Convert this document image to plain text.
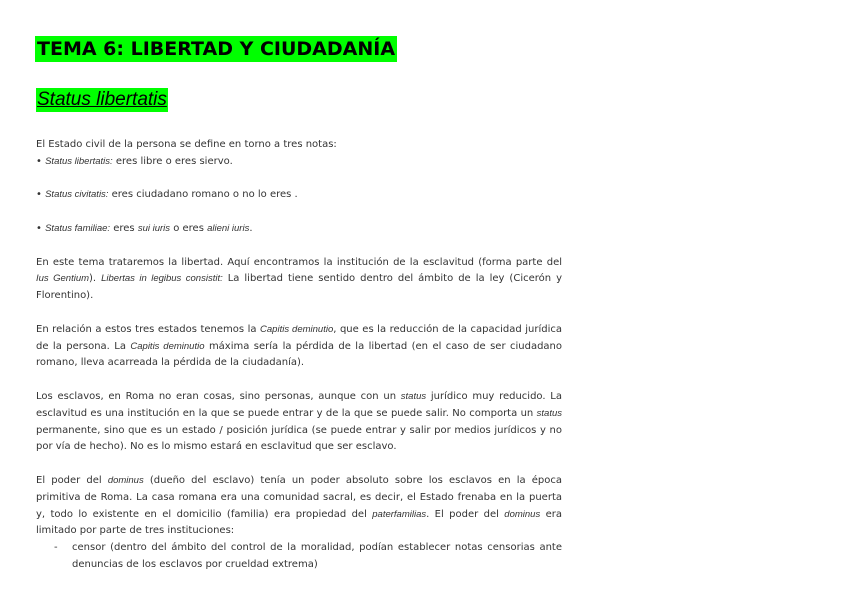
TEMA 6: LIBERTAD Y CIUDADANÍA
Status libertatis

El Estado civil de la persona se define en torno a tres notas:

• Status libertatis: eres libre o eres siervo.

• Status civitatis: eres ciudadano romano o no lo eres .

• Status familiae: eres sui iuris o eres alieni iuris.

En este tema trataremos la libertad. Aquí encontramos la institución de la esclavitud (forma parte del Ius Gentium). Libertas in legibus consistit: La libertad tiene sentido dentro del ámbito de la ley (Cicerón y Florentino).

En relación a estos tres estados tenemos la Capitis deminutio, que es la reducción de la capacidad jurídica de la persona. La Capitis deminutio máxima sería la pérdida de la libertad (en el caso de ser ciudadano romano, lleva acarreada la pérdida de la ciudadanía).

Los esclavos, en Roma no eran cosas, sino personas, aunque con un status jurídico muy reducido. La esclavitud es una institución en la que se puede entrar y de la que se puede salir. No comporta un status permanente, sino que es un estado / posición jurídica (se puede entrar y salir por medios jurídicos y no por vía de hecho). No es lo mismo estará en esclavitud que ser esclavo.

El poder del dominus (dueño del esclavo) tenía un poder absoluto sobre los esclavos en la época primitiva de Roma. La casa romana era una comunidad sacral, es decir, el Estado frenaba en la puerta y, todo lo existente en el domicilio (familia) era propiedad del paterfamilias. El poder del dominus era limitado por parte de tres instituciones:

- censor (dentro del ámbito del control de la moralidad, podían establecer notas censorias ante denuncias de los esclavos por crueldad extrema)
